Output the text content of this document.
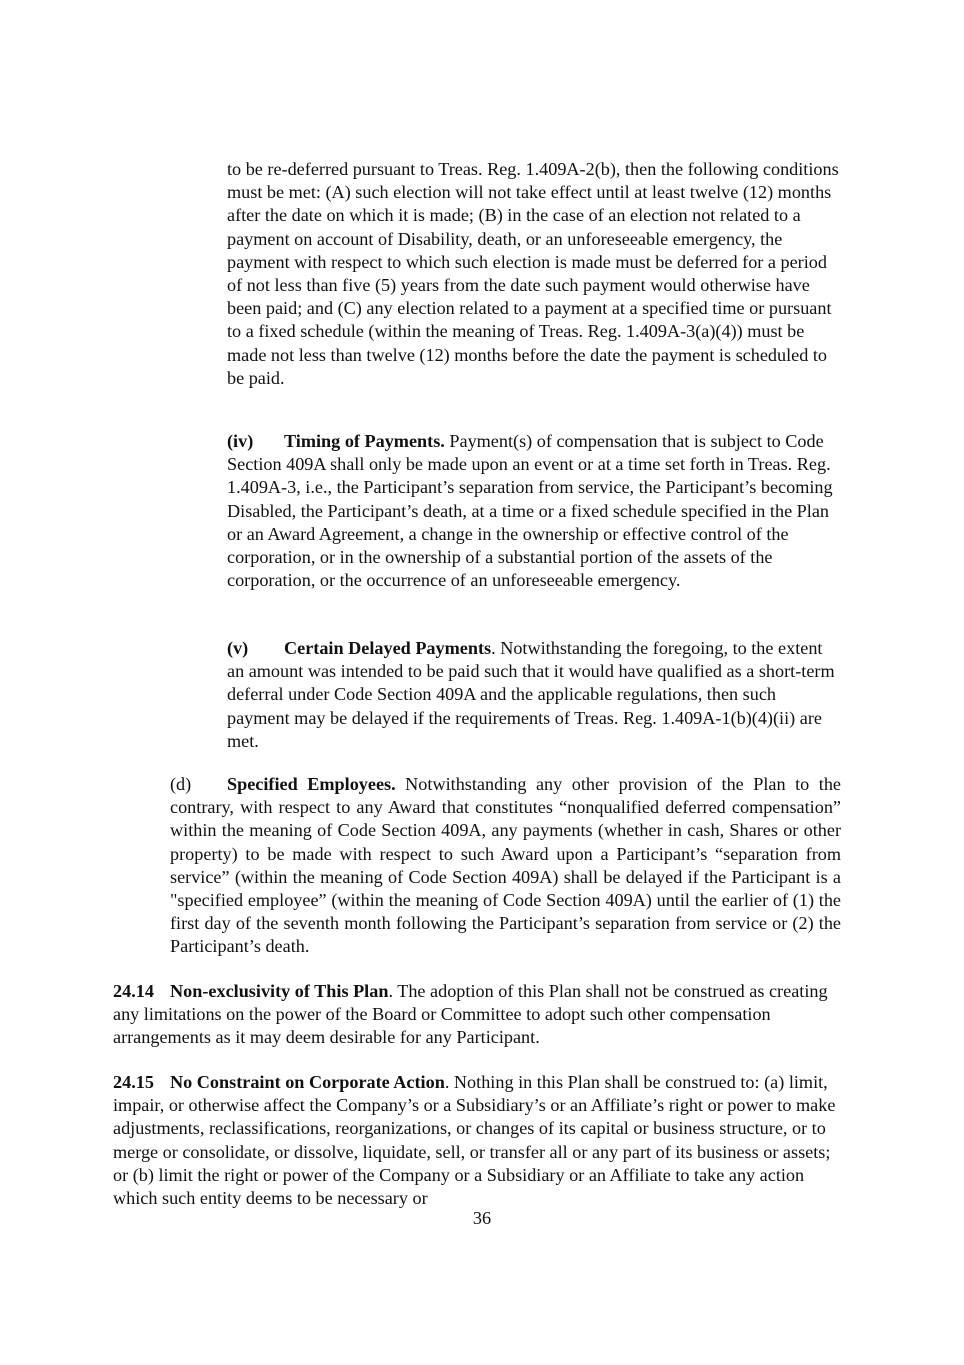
to be re-deferred pursuant to Treas. Reg. 1.409A-2(b), then the following conditions must be met: (A) such election will not take effect until at least twelve (12) months after the date on which it is made; (B) in the case of an election not related to a payment on account of Disability, death, or an unforeseeable emergency, the payment with respect to which such election is made must be deferred for a period of not less than five (5) years from the date such payment would otherwise have been paid; and (C) any election related to a payment at a specified time or pursuant to a fixed schedule (within the meaning of Treas. Reg. 1.409A-3(a)(4)) must be made not less than twelve (12) months before the date the payment is scheduled to be paid.

(iv) Timing of Payments. Payment(s) of compensation that is subject to Code Section 409A shall only be made upon an event or at a time set forth in Treas. Reg. 1.409A-3, i.e., the Participant’s separation from service, the Participant’s becoming Disabled, the Participant’s death, at a time or a fixed schedule specified in the Plan or an Award Agreement, a change in the ownership or effective control of the corporation, or in the ownership of a substantial portion of the assets of the corporation, or the occurrence of an unforeseeable emergency.

(v) Certain Delayed Payments. Notwithstanding the foregoing, to the extent an amount was intended to be paid such that it would have qualified as a short-term deferral under Code Section 409A and the applicable regulations, then such payment may be delayed if the requirements of Treas. Reg. 1.409A-1(b)(4)(ii) are met.

(d) Specified Employees. Notwithstanding any other provision of the Plan to the contrary, with respect to any Award that constitutes “nonqualified deferred compensation” within the meaning of Code Section 409A, any payments (whether in cash, Shares or other property) to be made with respect to such Award upon a Participant’s “separation from service” (within the meaning of Code Section 409A) shall be delayed if the Participant is a "specified employee” (within the meaning of Code Section 409A) until the earlier of (1) the first day of the seventh month following the Participant’s separation from service or (2) the Participant’s death.

24.14 Non-exclusivity of This Plan. The adoption of this Plan shall not be construed as creating any limitations on the power of the Board or Committee to adopt such other compensation arrangements as it may deem desirable for any Participant.

24.15 No Constraint on Corporate Action. Nothing in this Plan shall be construed to: (a) limit, impair, or otherwise affect the Company’s or a Subsidiary’s or an Affiliate’s right or power to make adjustments, reclassifications, reorganizations, or changes of its capital or business structure, or to merge or consolidate, or dissolve, liquidate, sell, or transfer all or any part of its business or assets; or (b) limit the right or power of the Company or a Subsidiary or an Affiliate to take any action which such entity deems to be necessary or

36
